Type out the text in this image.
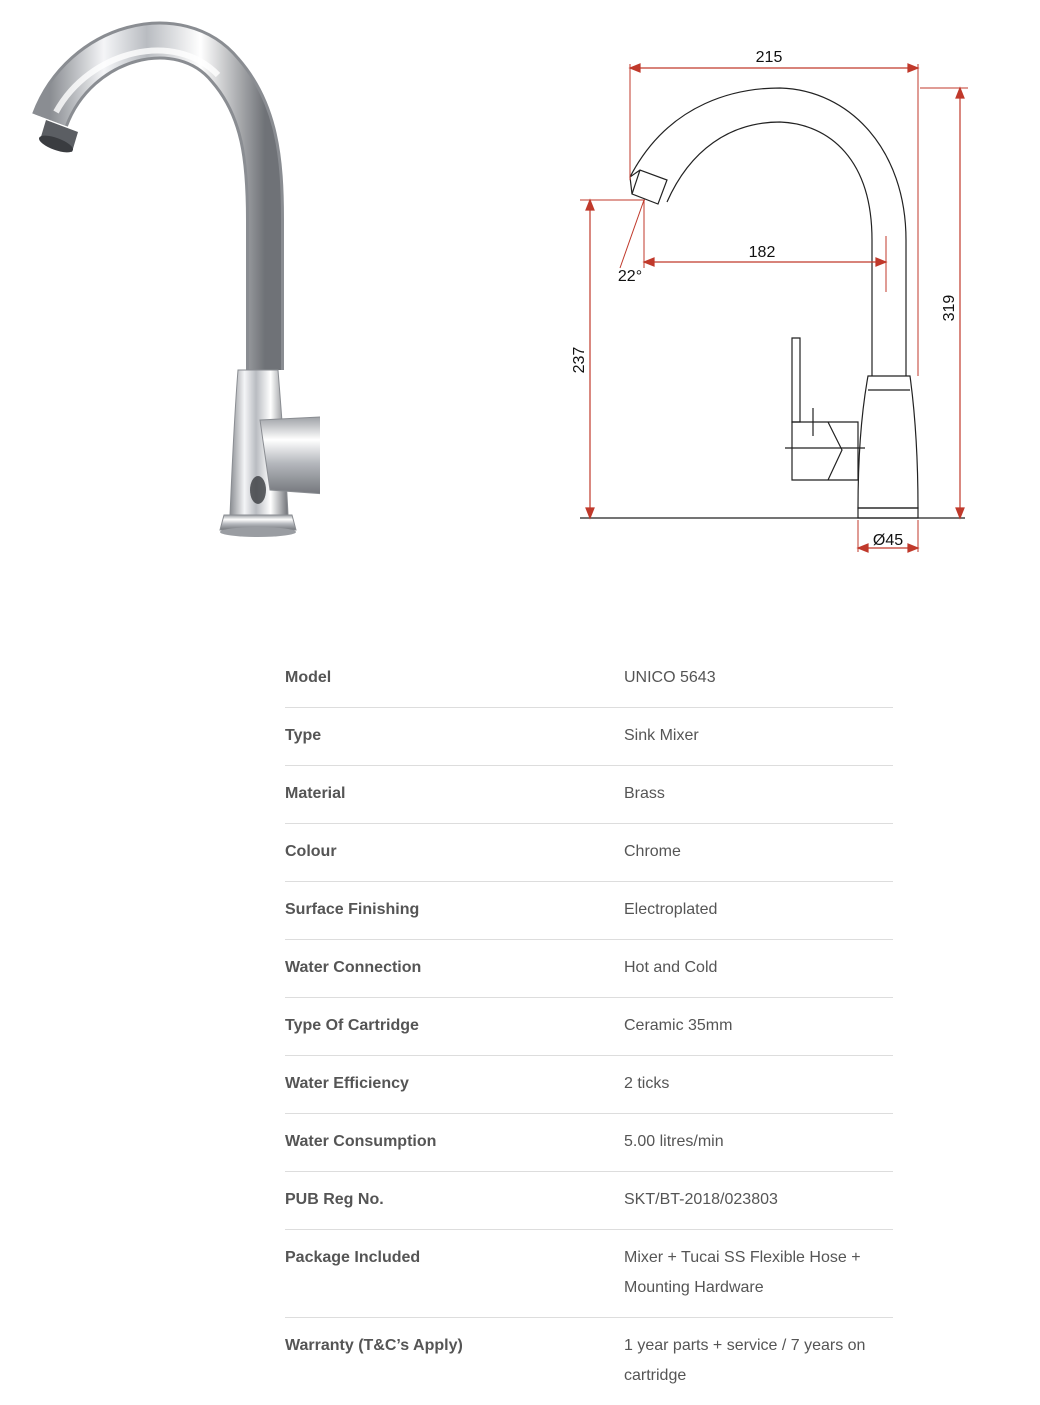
215
182
22°
237
319
Ø45
Model	UNICO 5643
Type	Sink Mixer
Material	Brass
Colour	Chrome
Surface Finishing	Electroplated
Water Connection	Hot and Cold
Type Of Cartridge	Ceramic 35mm
Water Efficiency	2 ticks
Water Consumption	5.00 litres/min
PUB Reg No.	SKT/BT-2018/023803
Package Included	Mixer + Tucai SS Flexible Hose + Mounting Hardware
Warranty (T&C’s Apply)	1 year parts + service / 7 years on cartridge
